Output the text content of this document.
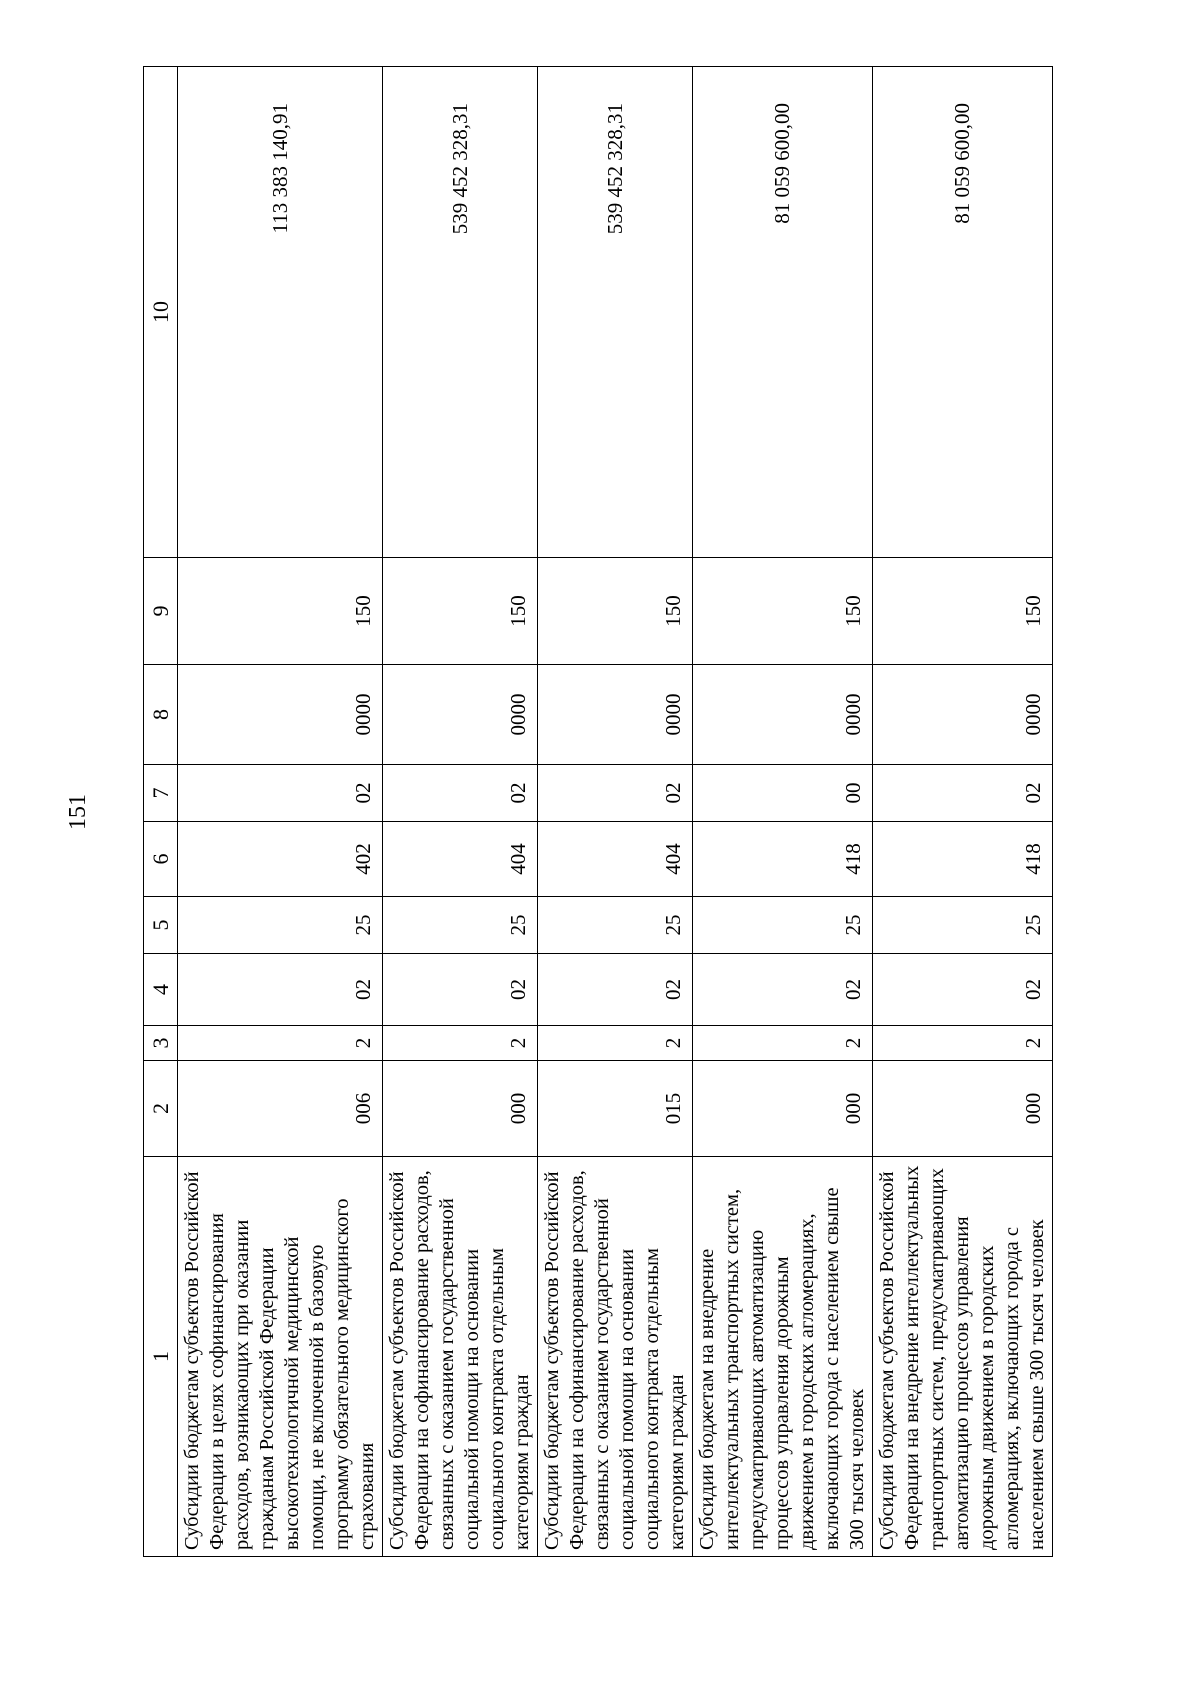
151
1	2	3	4	5	6	7	8	9	10
Субсидии бюджетам субъектов Российской Федерации в целях софинансирования расходов, возникающих при оказании гражданам Российской Федерации высокотехнологичной медицинской помощи, не включенной в базовую программу обязательного медицинского страхования	006	2	02	25	402	02	0000	150	113 383 140,91
Субсидии бюджетам субъектов Российской Федерации на софинансирование расходов, связанных с оказанием государственной социальной помощи на основании социального контракта отдельным категориям граждан	000	2	02	25	404	02	0000	150	539 452 328,31
Субсидии бюджетам субъектов Российской Федерации на софинансирование расходов, связанных с оказанием государственной социальной помощи на основании социального контракта отдельным категориям граждан	015	2	02	25	404	02	0000	150	539 452 328,31
Субсидии бюджетам на внедрение интеллектуальных транспортных систем, предусматривающих автоматизацию процессов управления дорожным движением в городских агломерациях, включающих города с населением свыше 300 тысяч человек	000	2	02	25	418	00	0000	150	81 059 600,00
Субсидии бюджетам субъектов Российской Федерации на внедрение интеллектуальных транспортных систем, предусматривающих автоматизацию процессов управления дорожным движением в городских агломерациях, включающих города с населением свыше 300 тысяч человек	000	2	02	25	418	02	0000	150	81 059 600,00
